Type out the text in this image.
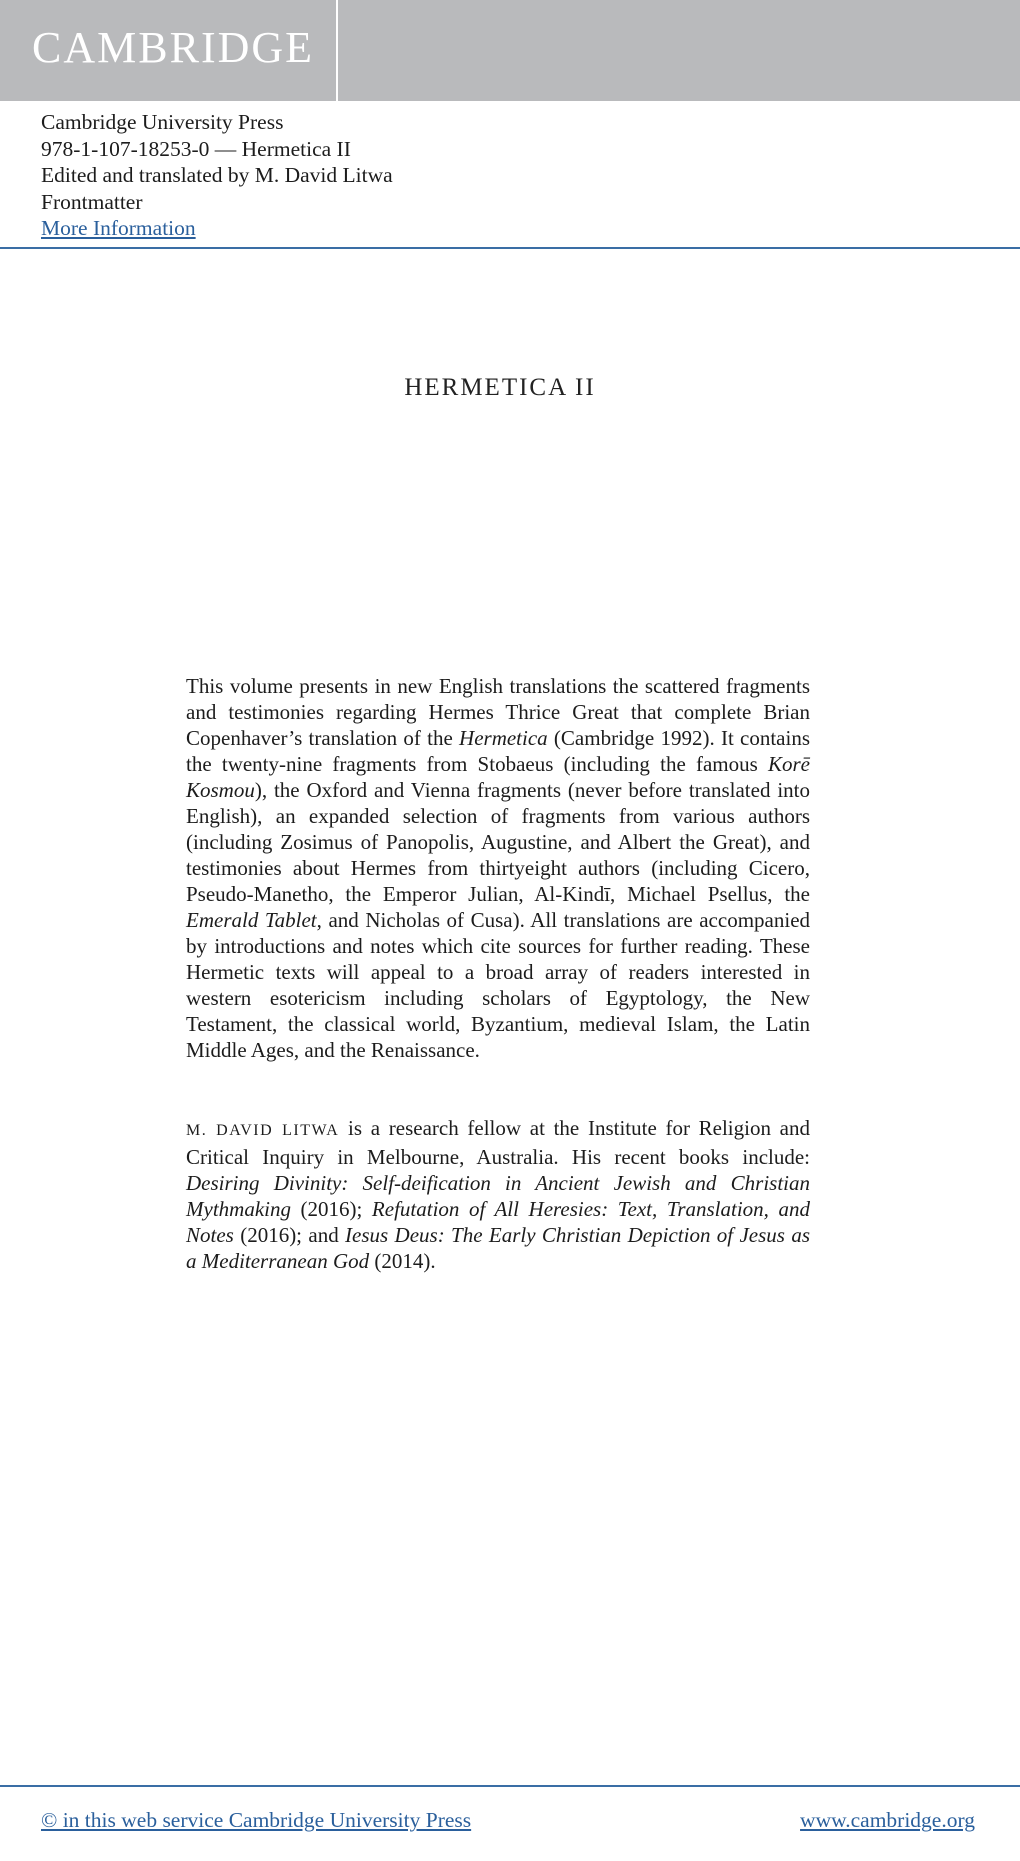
CAMBRIDGE
Cambridge University Press
978-1-107-18253-0 — Hermetica II
Edited and translated by M. David Litwa
Frontmatter
More Information
HERMETICA II
This volume presents in new English translations the scattered fragments and testimonies regarding Hermes Thrice Great that complete Brian Copenhaver’s translation of the Hermetica (Cambridge 1992). It contains the twenty-nine fragments from Stobaeus (including the famous Korē Kosmou), the Oxford and Vienna fragments (never before translated into English), an expanded selection of fragments from various authors (including Zosimus of Panopolis, Augustine, and Albert the Great), and testimonies about Hermes from thirtyeight authors (including Cicero, Pseudo-Manetho, the Emperor Julian, Al-Kindī, Michael Psellus, the Emerald Tablet, and Nicholas of Cusa). All translations are accompanied by introductions and notes which cite sources for further reading. These Hermetic texts will appeal to a broad array of readers interested in western esotericism including scholars of Egyptology, the New Testament, the classical world, Byzantium, medieval Islam, the Latin Middle Ages, and the Renaissance.
M. DAVID LITWA is a research fellow at the Institute for Religion and Critical Inquiry in Melbourne, Australia. His recent books include: Desiring Divinity: Self-deification in Ancient Jewish and Christian Mythmaking (2016); Refutation of All Heresies: Text, Translation, and Notes (2016); and Iesus Deus: The Early Christian Depiction of Jesus as a Mediterranean God (2014).
© in this web service Cambridge University Press	www.cambridge.org
